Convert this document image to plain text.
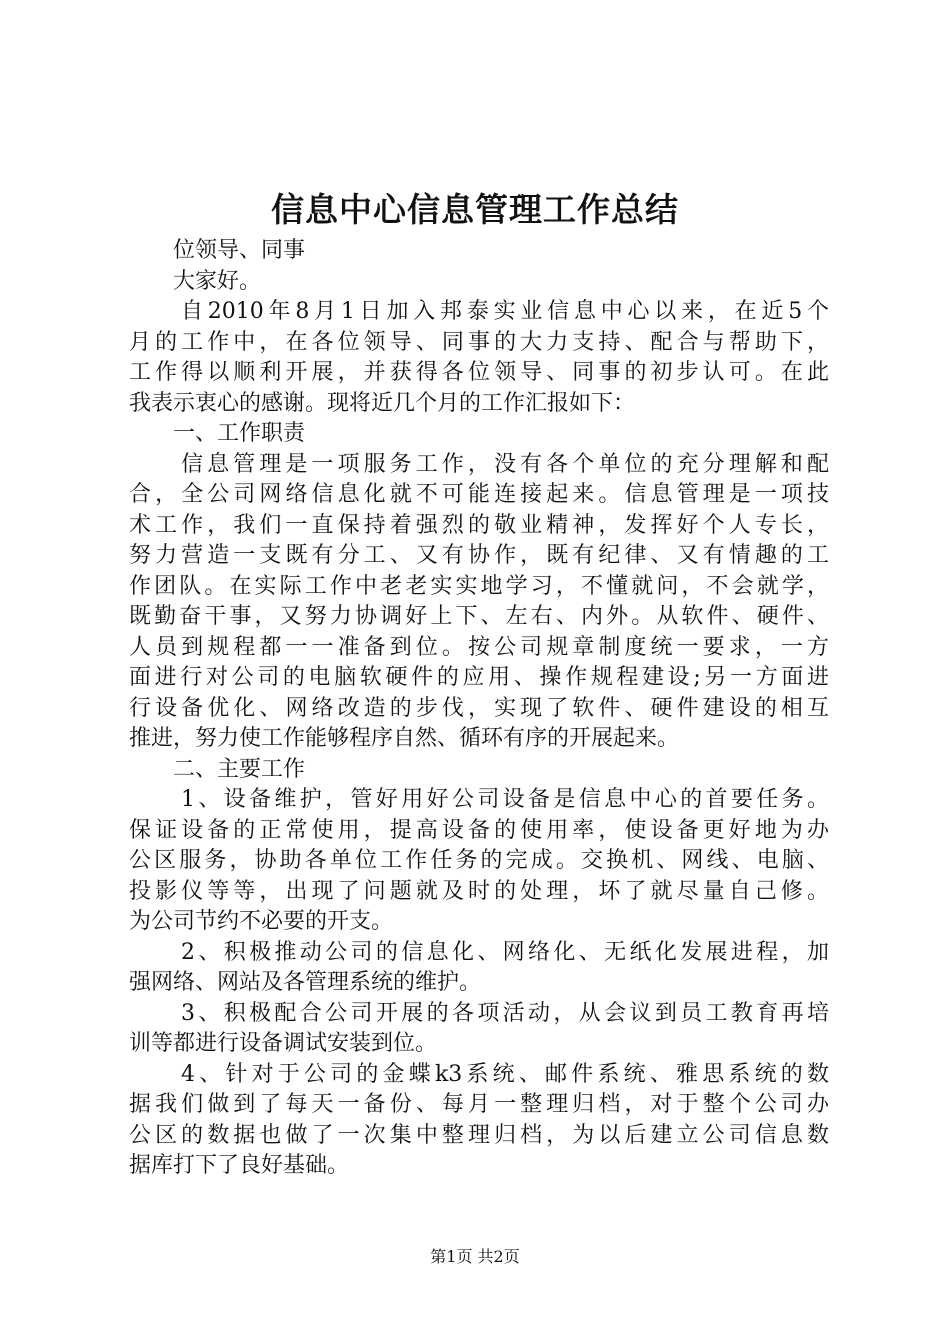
信息中心信息管理工作总结
位领导、同事
大家好。
自2010年8月1日加入邦泰实业信息中心以来，在近5个
月的工作中，在各位领导、同事的大力支持、配合与帮助下，
工作得以顺利开展，并获得各位领导、同事的初步认可。在此
我表示衷心的感谢。现将近几个月的工作汇报如下：
一、工作职责
信息管理是一项服务工作，没有各个单位的充分理解和配
合，全公司网络信息化就不可能连接起来。信息管理是一项技
术工作，我们一直保持着强烈的敬业精神，发挥好个人专长，
努力营造一支既有分工、又有协作，既有纪律、又有情趣的工
作团队。在实际工作中老老实实地学习，不懂就问，不会就学，
既勤奋干事，又努力协调好上下、左右、内外。从软件、硬件、
人员到规程都一一准备到位。按公司规章制度统一要求，一方
面进行对公司的电脑软硬件的应用、操作规程建设;另一方面进
行设备优化、网络改造的步伐，实现了软件、硬件建设的相互
推进，努力使工作能够程序自然、循环有序的开展起来。
二、主要工作
1、设备维护，管好用好公司设备是信息中心的首要任务。
保证设备的正常使用，提高设备的使用率，使设备更好地为办
公区服务，协助各单位工作任务的完成。交换机、网线、电脑、
投影仪等等，出现了问题就及时的处理，坏了就尽量自己修。
为公司节约不必要的开支。
2、积极推动公司的信息化、网络化、无纸化发展进程，加
强网络、网站及各管理系统的维护。
3、积极配合公司开展的各项活动，从会议到员工教育再培
训等都进行设备调试安装到位。
4、针对于公司的金蝶k3系统、邮件系统、雅思系统的数
据我们做到了每天一备份、每月一整理归档，对于整个公司办
公区的数据也做了一次集中整理归档，为以后建立公司信息数
据库打下了良好基础。
第1页 共2页
